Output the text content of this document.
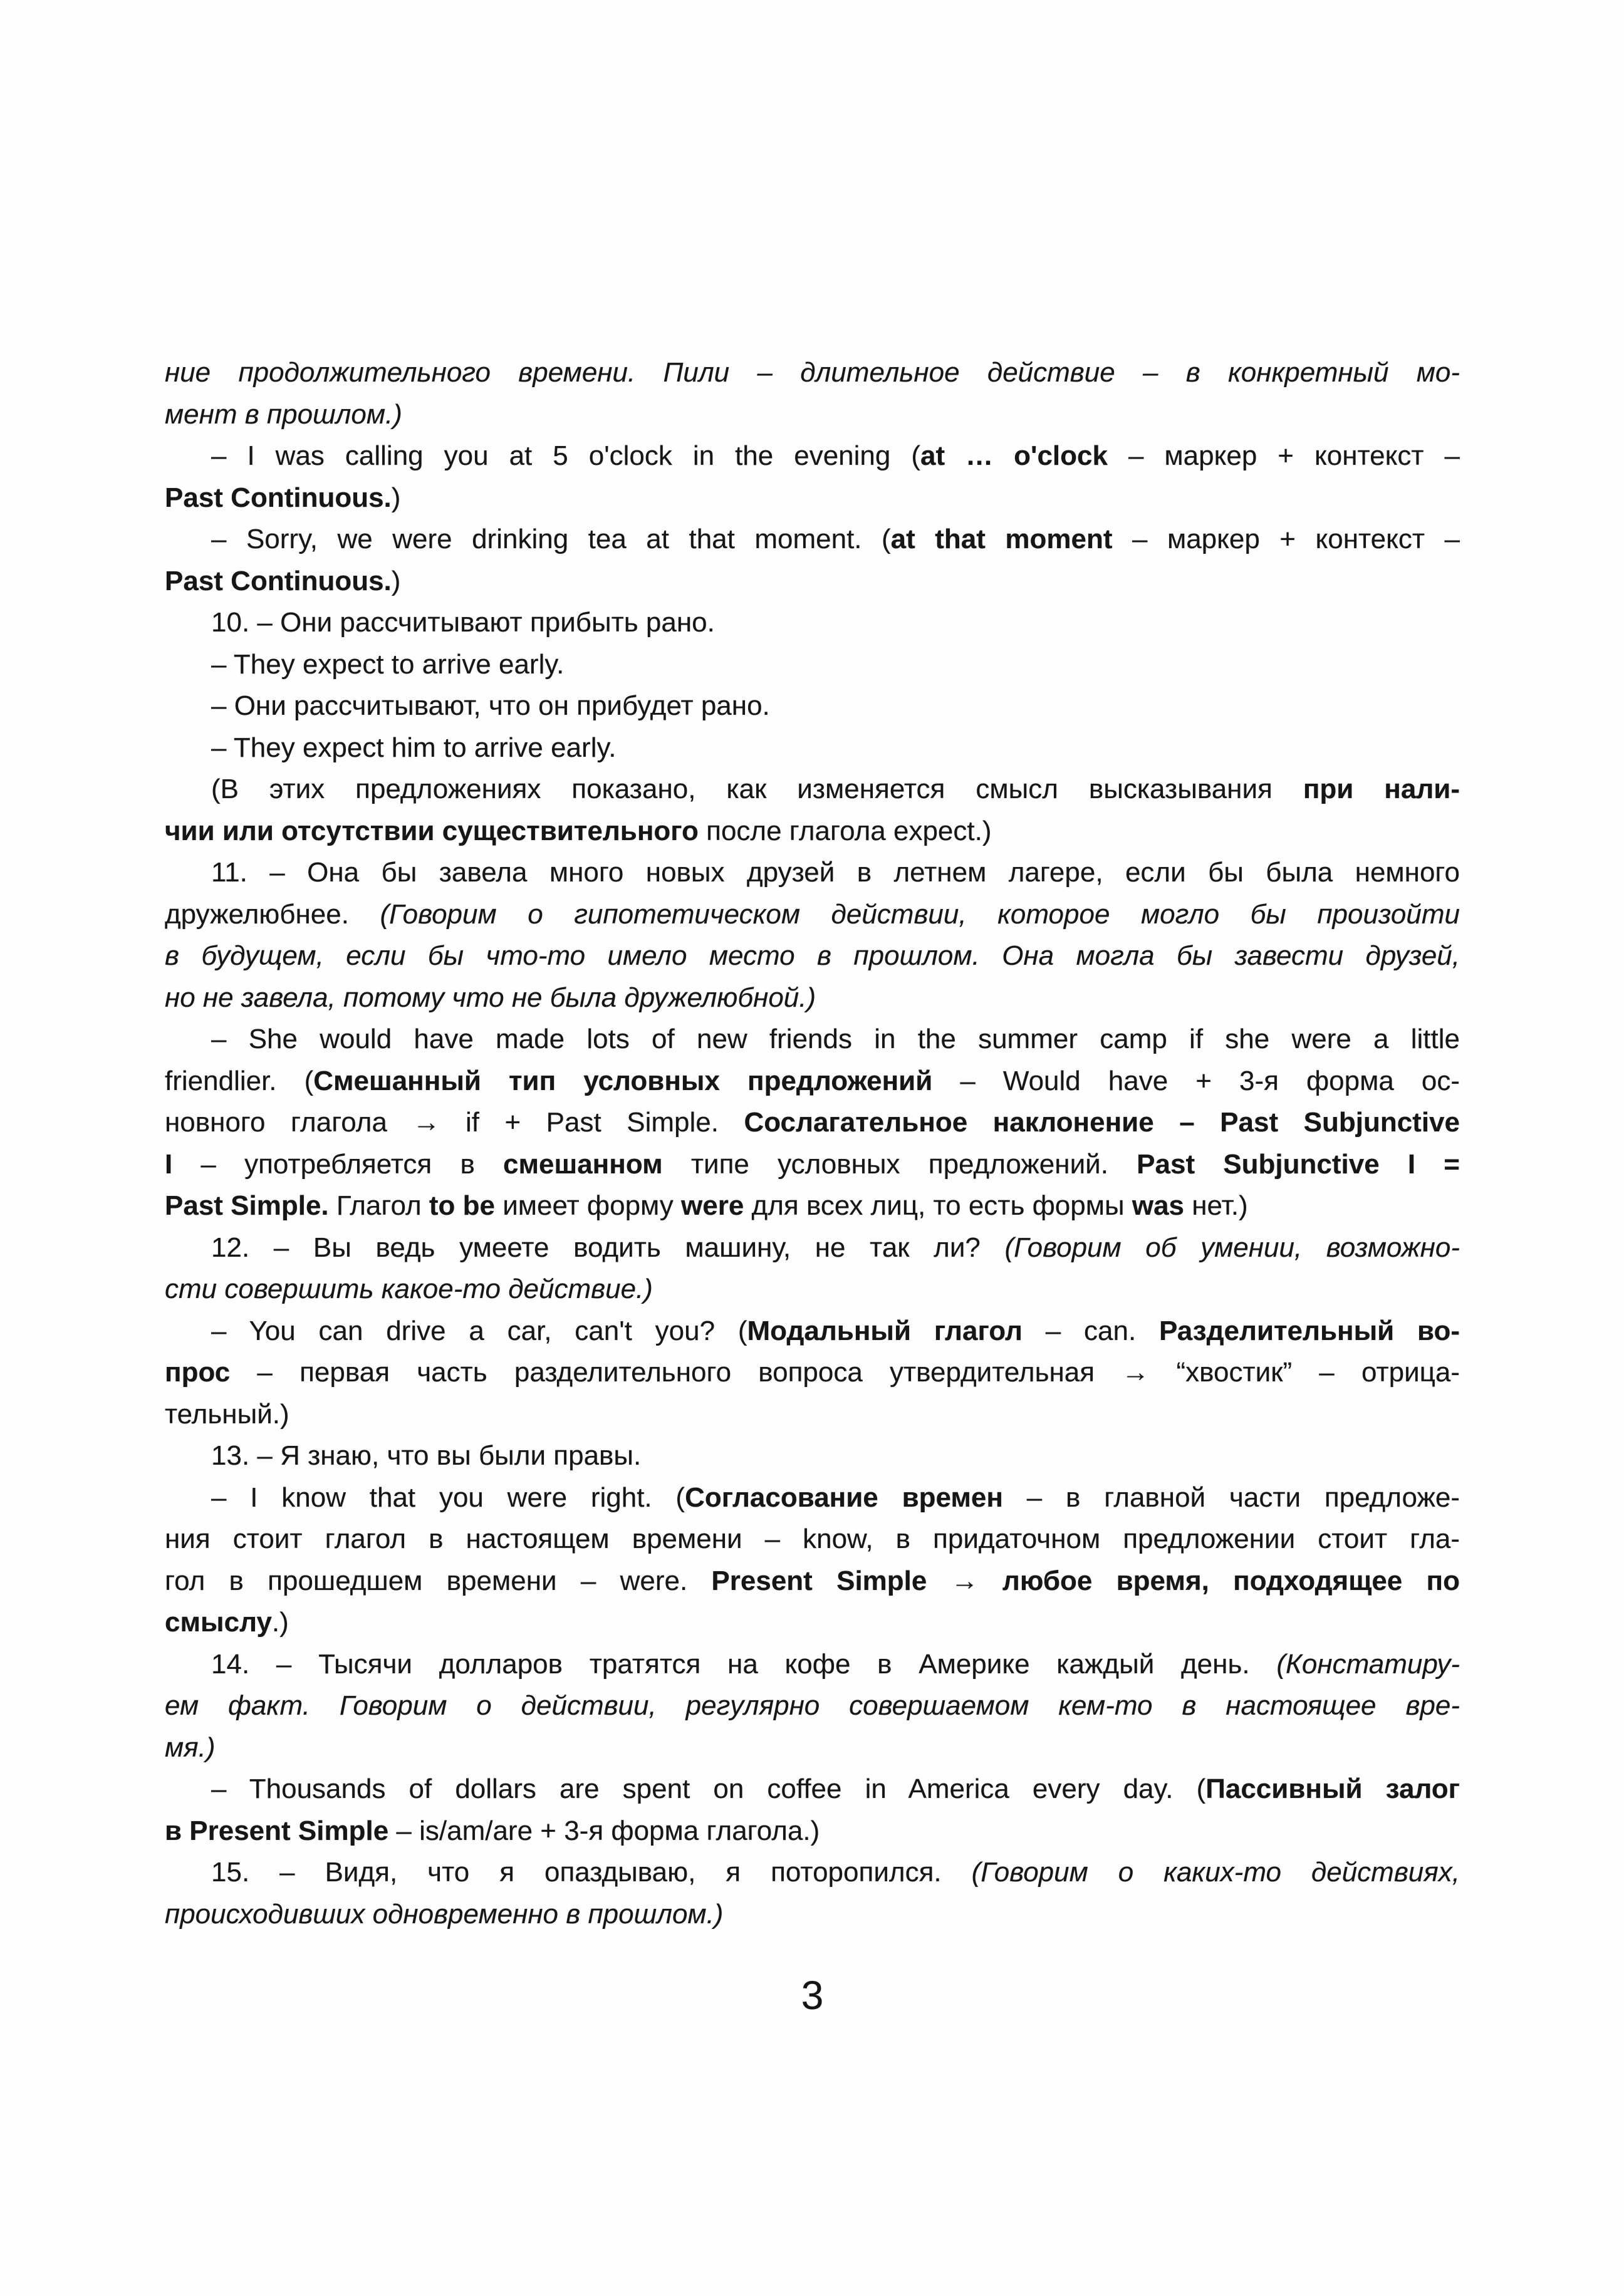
ние продолжительного времени. Пили – длительное действие – в конкретный мо-
мент в прошлом.)
– I was calling you at 5 o'clock in the evening (at … o'clock – маркер + контекст –
Past Continuous.)
– Sorry, we were drinking tea at that moment. (at that moment – маркер + контекст –
Past Continuous.)
10. – Они рассчитывают прибыть рано.
– They expect to arrive early.
– Они рассчитывают, что он прибудет рано.
– They expect him to arrive early.
(В этих предложениях показано, как изменяется смысл высказывания при нали-
чии или отсутствии существительного после глагола expect.)
11. – Она бы завела много новых друзей в летнем лагере, если бы была немного
дружелюбнее. (Говорим о гипотетическом действии, которое могло бы произойти
в будущем, если бы что-то имело место в прошлом. Она могла бы завести друзей,
но не завела, потому что не была дружелюбной.)
– She would have made lots of new friends in the summer camp if she were a little
friendlier. (Смешанный тип условных предложений – Would have + 3-я форма ос-
новного глагола → if + Past Simple. Сослагательное наклонение – Past Subjunctive
I – употребляется в смешанном типе условных предложений. Past Subjunctive I =
Past Simple. Глагол to be имеет форму were для всех лиц, то есть формы was нет.)
12. – Вы ведь умеете водить машину, не так ли? (Говорим об умении, возможно-
сти совершить какое-то действие.)
– You can drive a car, can't you? (Модальный глагол – can. Разделительный во-
прос – первая часть разделительного вопроса утвердительная → “хвостик” – отрица-
тельный.)
13. – Я знаю, что вы были правы.
– I know that you were right. (Согласование времен – в главной части предложе-
ния стоит глагол в настоящем времени – know, в придаточном предложении стоит гла-
гол в прошедшем времени – were. Present Simple → любое время, подходящее по
смыслу.)
14. – Тысячи долларов тратятся на кофе в Америке каждый день. (Констатиру-
ем факт. Говорим о действии, регулярно совершаемом кем-то в настоящее вре-
мя.)
– Thousands of dollars are spent on coffee in America every day. (Пассивный залог
в Present Simple – is/am/are + 3-я форма глагола.)
15. – Видя, что я опаздываю, я поторопился. (Говорим о каких-то действиях,
происходивших одновременно в прошлом.)
3
